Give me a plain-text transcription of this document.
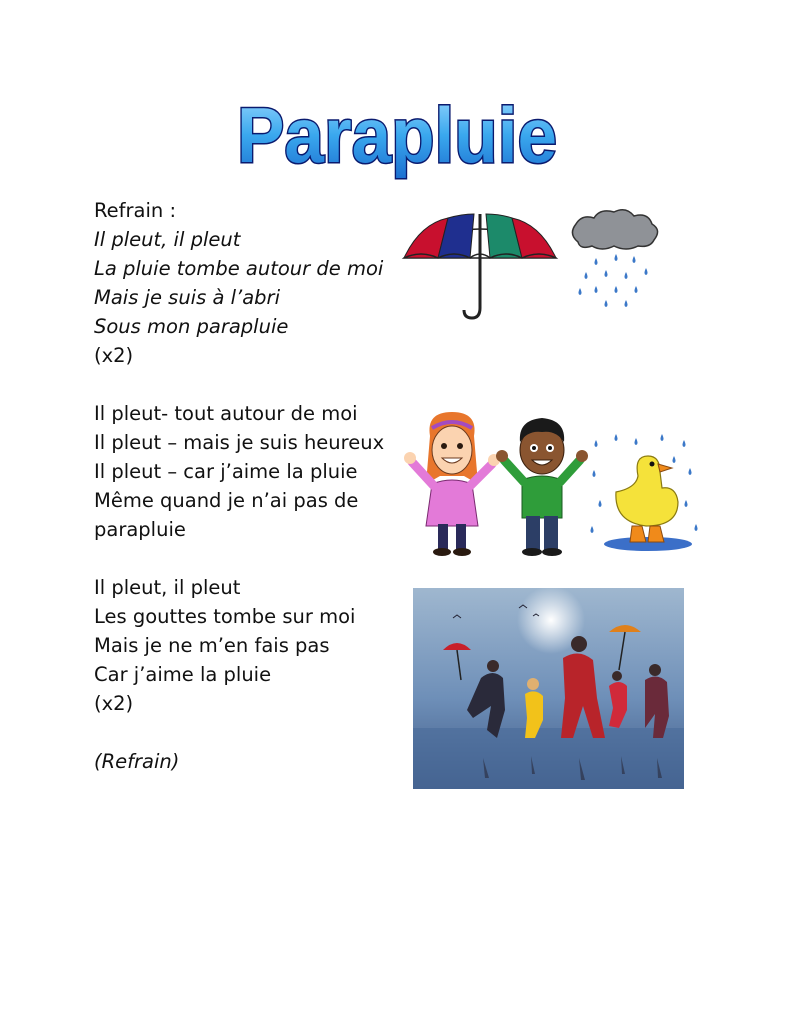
Parapluie
Refrain :
Il pleut, il pleut
La pluie tombe autour de moi
Mais je suis à l’abri
Sous mon parapluie
(x2)
Il pleut- tout autour de moi
Il pleut – mais je suis heureux
Il pleut – car j’aime la pluie
Même quand je n’ai pas de
parapluie
Il pleut, il pleut
Les gouttes tombe sur moi
Mais je ne m’en fais pas
Car j’aime la pluie
(x2)
(Refrain)
